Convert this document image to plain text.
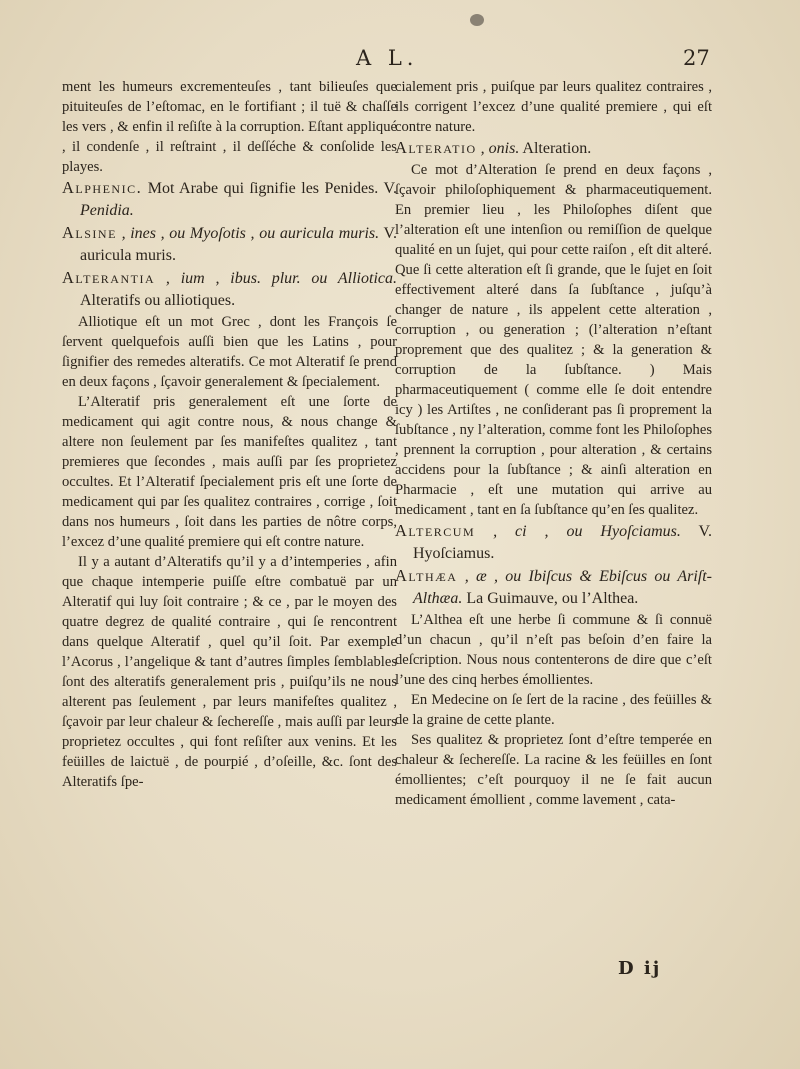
A L.	27

ment les humeurs excrementeuſes , tant bilieuſes que pituiteuſes de l’eſtomac, en le fortifiant ; il tuë & chaſſe les vers , & enfin il reſiſte à la corruption. Eſtant appliqué , il condenſe , il reſtraint , il deſſéche & conſolide les playes.

Alphenic. Mot Arabe qui ſignifie les Penides. V. Penidia.

Alsine , ines , ou Myoſotis , ou auricula muris. V. auricula muris.

Alterantia , ium , ibus. plur. ou Alliotica. Alteratifs ou alliotiques.

Alliotique eſt un mot Grec , dont les François ſe ſervent quelquefois auſſi bien que les Latins , pour ſignifier des remedes alteratifs. Ce mot Alteratif ſe prend en deux façons , ſçavoir generalement & ſpecialement.

L’Alteratif pris generalement eſt une ſorte de medicament qui agit contre nous, & nous change & altere non ſeulement par ſes manifeſtes qualitez , tant premieres que ſecondes , mais auſſi par ſes proprietez occultes. Et l’Alteratif ſpecialement pris eſt une ſorte de medicament qui par ſes qualitez contraires , corrige , ſoit dans nos humeurs , ſoit dans les parties de nôtre corps, l’excez d’une qualité premiere qui eſt contre nature.

Il y a autant d’Alteratifs qu’il y a d’intemperies , afin que chaque intemperie puiſſe eſtre combatuë par un Alteratif qui luy ſoit contraire ; & ce , par le moyen des quatre degrez de qualité contraire , qui ſe rencontrent dans quelque Alteratif , quel qu’il ſoit. Par exemple l’Acorus , l’angelique & tant d’autres ſimples ſemblables ſont des alteratifs generalement pris , puiſqu’ils ne nous alterent pas ſeulement , par leurs manifeſtes qualitez , ſçavoir par leur chaleur & ſechereſſe , mais auſſi par leurs proprietez occultes , qui font reſiſter aux venins. Et les feüilles de laictuë , de pourpié , d’oſeille, &c. ſont des Alteratifs ſpe-

cialement pris , puiſque par leurs qualitez contraires , ils corrigent l’excez d’une qualité premiere , qui eſt contre nature.

Alteratio , onis. Alteration.

Ce mot d’Alteration ſe prend en deux façons , ſçavoir philoſophiquement & pharmaceutiquement. En premier lieu , les Philoſophes diſent que l’alteration eſt une intenſion ou remiſſion de quelque qualité en un ſujet, qui pour cette raiſon , eſt dit alteré. Que ſi cette alteration eſt ſi grande, que le ſujet en ſoit effectivement alteré dans ſa ſubſtance , juſqu’à changer de nature , ils appelent cette alteration , corruption , ou generation ; (l’alteration n’eſtant proprement que des qualitez ; & la generation & corruption de la ſubſtance. ) Mais pharmaceutiquement ( comme elle ſe doit entendre icy ) les Artiſtes , ne conſiderant pas ſi proprement la ſubſtance , ny l’alteration, comme font les Philoſophes , prennent la corruption , pour alteration , & certains accidens pour la ſubſtance ; & ainſi alteration en Pharmacie , eſt une mutation qui arrive au medicament , tant en ſa ſubſtance qu’en ſes qualitez.

Altercum , ci , ou Hyoſciamus. V. Hyoſciamus.

Althæa , æ , ou Ibiſcus & Ebiſcus ou Ariſt-Althæa. La Guimauve, ou l’Althea.

L’Althea eſt une herbe ſi commune & ſi connuë d’un chacun , qu’il n’eſt pas beſoin d’en faire la deſcription. Nous nous contenterons de dire que c’eſt l’une des cinq herbes émollientes.

En Medecine on ſe ſert de la racine , des feüilles & de la graine de cette plante.

Ses qualitez & proprietez ſont d’eſtre temperée en chaleur & ſechereſſe. La racine & les feüilles en ſont émollientes; c’eſt pourquoy il ne ſe fait aucun medicament émollient , comme lavement , cata-

D ij
